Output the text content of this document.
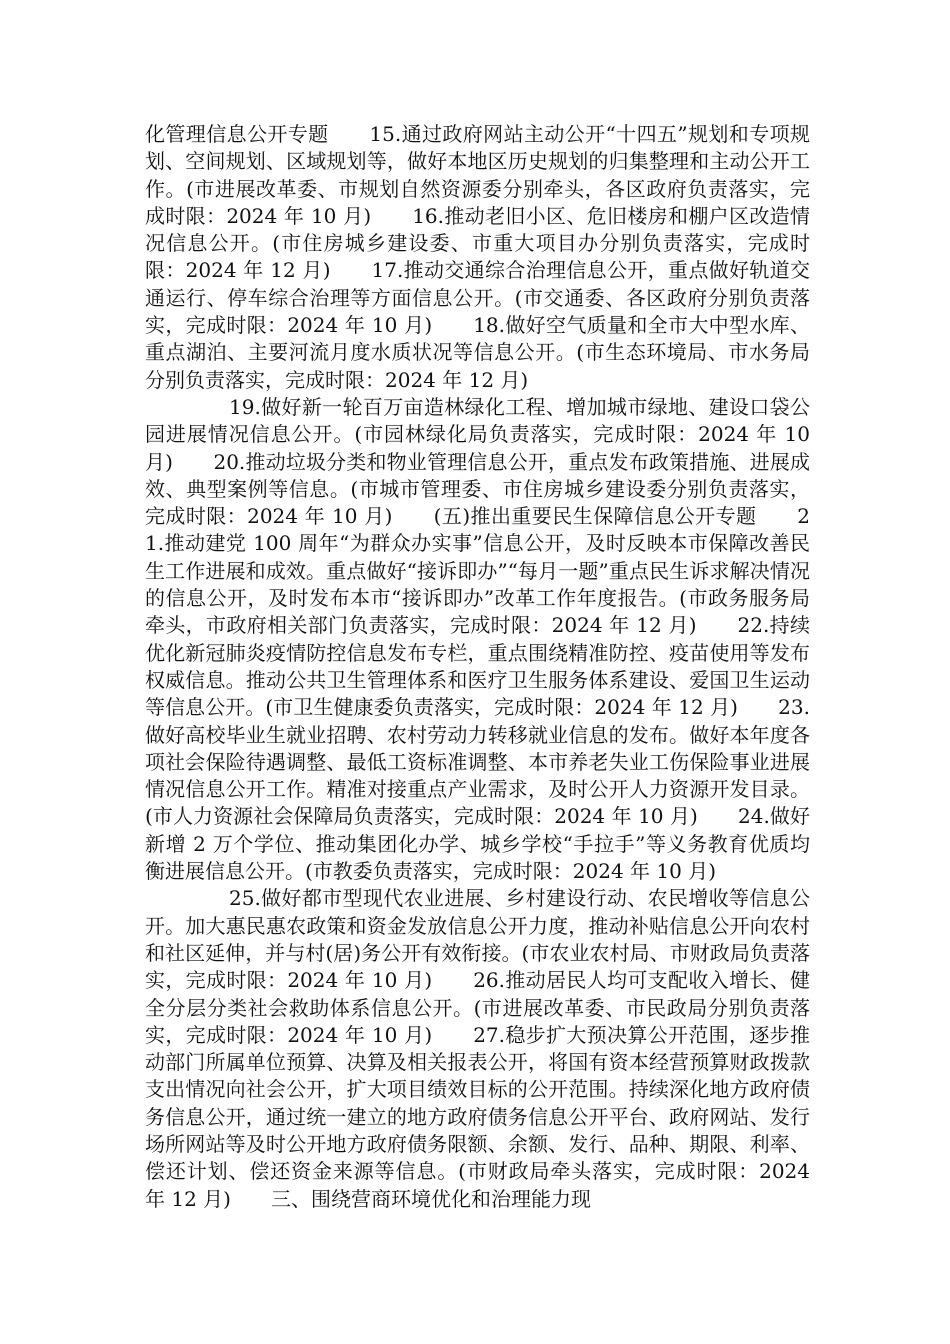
化管理信息公开专题　　15.通过政府网站主动公开“十四五”规划和专项规划、空间规划、区域规划等，做好本地区历史规划的归集整理和主动公开工作。(市进展改革委、市规划自然资源委分别牵头，各区政府负责落实，完成时限：2024 年 10 月)　　16.推动老旧小区、危旧楼房和棚户区改造情况信息公开。(市住房城乡建设委、市重大项目办分别负责落实，完成时限：2024 年 12 月)　　17.推动交通综合治理信息公开，重点做好轨道交通运行、停车综合治理等方面信息公开。(市交通委、各区政府分别负责落实，完成时限：2024 年 10 月)　　18.做好空气质量和全市大中型水库、重点湖泊、主要河流月度水质状况等信息公开。(市生态环境局、市水务局分别负责落实，完成时限：2024 年 12 月)

19.做好新一轮百万亩造林绿化工程、增加城市绿地、建设口袋公园进展情况信息公开。(市园林绿化局负责落实，完成时限：2024 年 10 月)　　20.推动垃圾分类和物业管理信息公开，重点发布政策措施、进展成效、典型案例等信息。(市城市管理委、市住房城乡建设委分别负责落实，完成时限：2024 年 10 月)　　(五)推出重要民生保障信息公开专题　　21.推动建党 100 周年“为群众办实事”信息公开，及时反映本市保障改善民生工作进展和成效。重点做好“接诉即办”“每月一题”重点民生诉求解决情况的信息公开，及时发布本市“接诉即办”改革工作年度报告。(市政务服务局牵头，市政府相关部门负责落实，完成时限：2024 年 12 月)　　22.持续优化新冠肺炎疫情防控信息发布专栏，重点围绕精准防控、疫苗使用等发布权威信息。推动公共卫生管理体系和医疗卫生服务体系建设、爱国卫生运动等信息公开。(市卫生健康委负责落实，完成时限：2024 年 12 月)　　23.做好高校毕业生就业招聘、农村劳动力转移就业信息的发布。做好本年度各项社会保险待遇调整、最低工资标准调整、本市养老失业工伤保险事业进展情况信息公开工作。精准对接重点产业需求，及时公开人力资源开发目录。(市人力资源社会保障局负责落实，完成时限：2024 年 10 月)　　24.做好新增 2 万个学位、推动集团化办学、城乡学校“手拉手”等义务教育优质均衡进展信息公开。(市教委负责落实，完成时限：2024 年 10 月)

25.做好都市型现代农业进展、乡村建设行动、农民增收等信息公开。加大惠民惠农政策和资金发放信息公开力度，推动补贴信息公开向农村和社区延伸，并与村(居)务公开有效衔接。(市农业农村局、市财政局负责落实，完成时限：2024 年 10 月)　　26.推动居民人均可支配收入增长、健全分层分类社会救助体系信息公开。(市进展改革委、市民政局分别负责落实，完成时限：2024 年 10 月)　　27.稳步扩大预决算公开范围，逐步推动部门所属单位预算、决算及相关报表公开，将国有资本经营预算财政拨款支出情况向社会公开，扩大项目绩效目标的公开范围。持续深化地方政府债务信息公开，通过统一建立的地方政府债务信息公开平台、政府网站、发行场所网站等及时公开地方政府债务限额、余额、发行、品种、期限、利率、偿还计划、偿还资金来源等信息。(市财政局牵头落实，完成时限：2024 年 12 月)　　三、围绕营商环境优化和治理能力现
